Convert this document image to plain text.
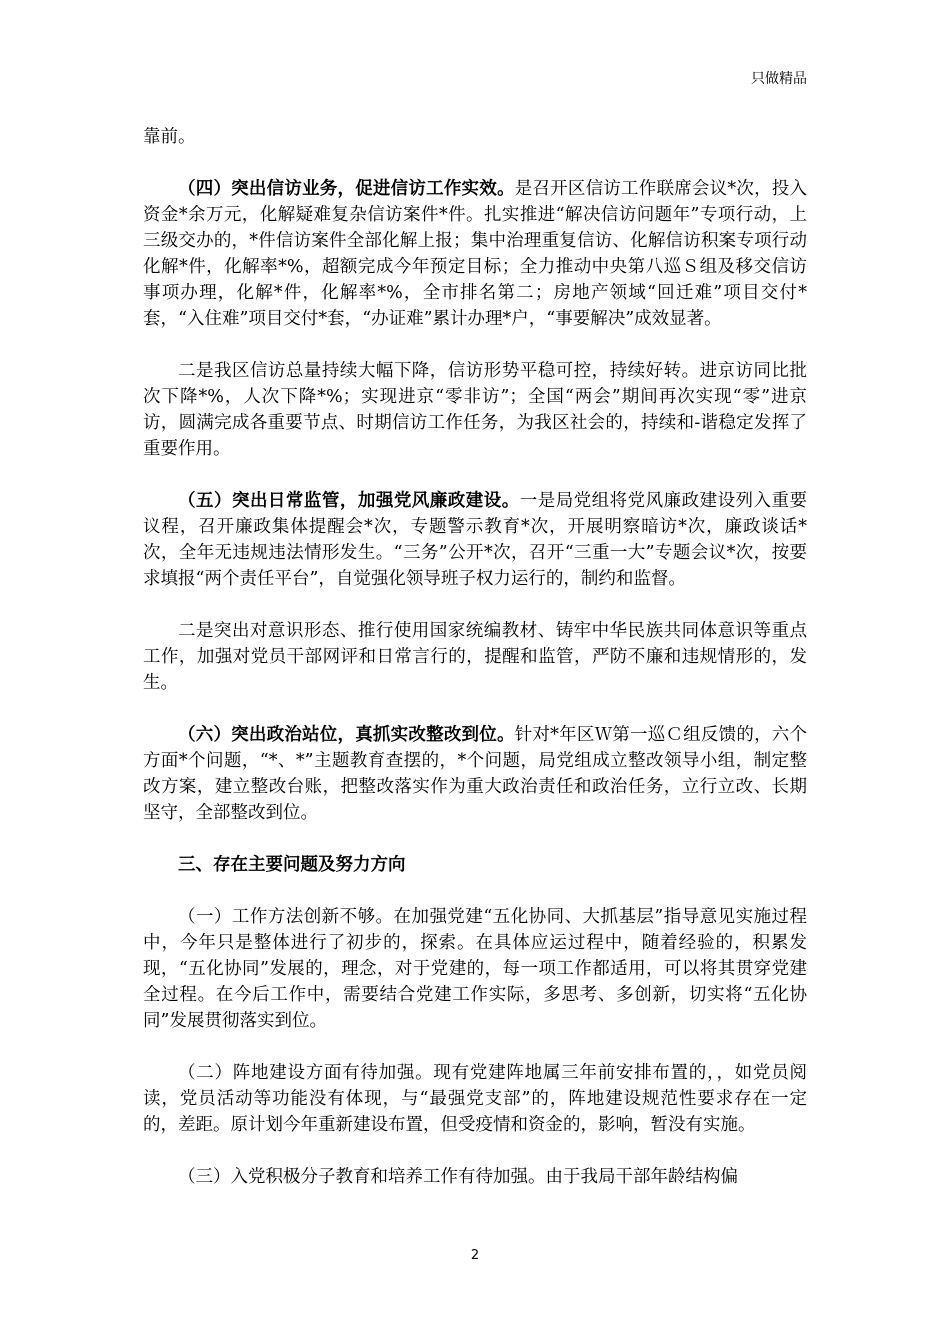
只做精品

靠前。

（四）突出信访业务，促进信访工作实效。是召开区信访工作联席会议*次，投入资金*余万元，化解疑难复杂信访案件*件。扎实推进“解决信访问题年”专项行动，上三级交办的，*件信访案件全部化解上报；集中治理重复信访、化解信访积案专项行动化解*件，化解率*%，超额完成今年预定目标；全力推动中央第八巡Ｓ组及移交信访事项办理，化解*件，化解率*%，全市排名第二；房地产领域“回迁难”项目交付*套，“入住难”项目交付*套，“办证难”累计办理*户，“事要解决”成效显著。

二是我区信访总量持续大幅下降，信访形势平稳可控，持续好转。进京访同比批次下降*%，人次下降*%；实现进京“零非访”；全国“两会”期间再次实现“零”进京访，圆满完成各重要节点、时期信访工作任务，为我区社会的，持续和-谐稳定发挥了重要作用。

（五）突出日常监管，加强党风廉政建设。一是局党组将党风廉政建设列入重要议程，召开廉政集体提醒会*次，专题警示教育*次，开展明察暗访*次，廉政谈话*次，全年无违规违法情形发生。“三务”公开*次，召开“三重一大”专题会议*次，按要求填报“两个责任平台”，自觉强化领导班子权力运行的，制约和监督。

二是突出对意识形态、推行使用国家统编教材、铸牢中华民族共同体意识等重点工作，加强对党员干部网评和日常言行的，提醒和监管，严防不廉和违规情形的，发生。

（六）突出政治站位，真抓实改整改到位。针对*年区Ｗ第一巡Ｃ组反馈的，六个方面*个问题，“*、*”主题教育查摆的，*个问题，局党组成立整改领导小组，制定整改方案，建立整改台账，把整改落实作为重大政治责任和政治任务，立行立改、长期坚守，全部整改到位。

三、存在主要问题及努力方向

（一）工作方法创新不够。在加强党建“五化协同、大抓基层”指导意见实施过程中，今年只是整体进行了初步的，探索。在具体应运过程中，随着经验的，积累发现，“五化协同”发展的，理念，对于党建的，每一项工作都适用，可以将其贯穿党建全过程。在今后工作中，需要结合党建工作实际，多思考、多创新，切实将“五化协同”发展贯彻落实到位。

（二）阵地建设方面有待加强。现有党建阵地属三年前安排布置的，，如党员阅读，党员活动等功能没有体现，与“最强党支部”的，阵地建设规范性要求存在一定的，差距。原计划今年重新建设布置，但受疫情和资金的，影响，暂没有实施。

（三）入党积极分子教育和培养工作有待加强。由于我局干部年龄结构偏

2
